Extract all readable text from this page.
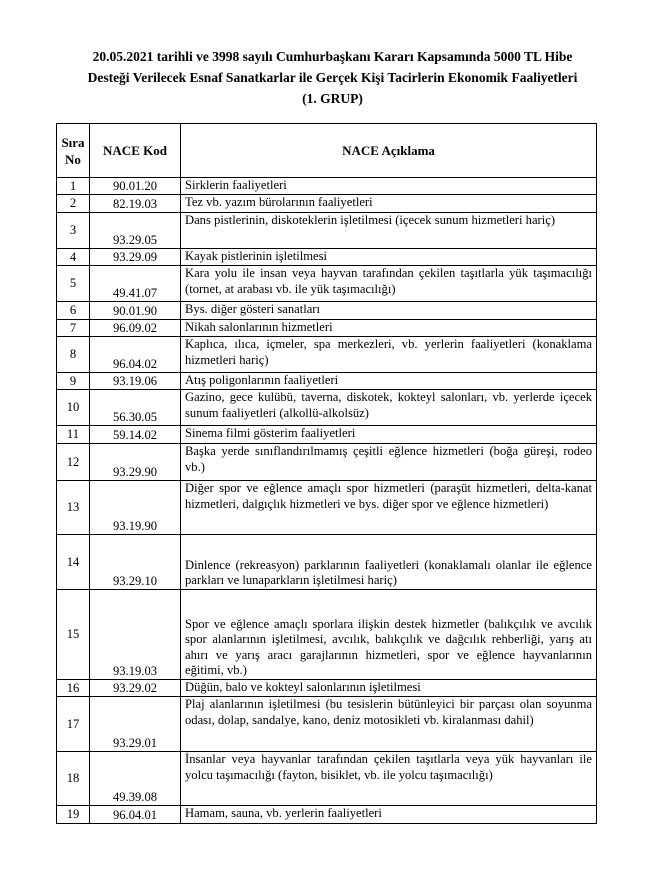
20.05.2021 tarihli ve 3998 sayılı Cumhurbaşkanı Kararı Kapsamında 5000 TL Hibe
Desteği Verilecek Esnaf Sanatkarlar ile Gerçek Kişi Tacirlerin Ekonomik Faaliyetleri
(1. GRUP)
Sıra
No	NACE Kod	NACE Açıklama
1	90.01.20	Sirklerin faaliyetleri
2	82.19.03	Tez vb. yazım bürolarının faaliyetleri
3	93.29.05	Dans pistlerinin, diskoteklerin işletilmesi (içecek sunum hizmetleri hariç)
4	93.29.09	Kayak pistlerinin işletilmesi
5	49.41.07	Kara yolu ile insan veya hayvan tarafından çekilen taşıtlarla yük taşımacılığı (tornet, at arabası vb. ile yük taşımacılığı)
6	90.01.90	Bys. diğer gösteri sanatları
7	96.09.02	Nikah salonlarının hizmetleri
8	96.04.02	Kaplıca, ılıca, içmeler, spa merkezleri, vb. yerlerin faaliyetleri (konaklama hizmetleri hariç)
9	93.19.06	Atış poligonlarının faaliyetleri
10	56.30.05	Gazino, gece kulübü, taverna, diskotek, kokteyl salonları, vb. yerlerde içecek sunum faaliyetleri (alkollü-alkolsüz)
11	59.14.02	Sinema filmi gösterim faaliyetleri
12	93.29.90	Başka yerde sınıflandırılmamış çeşitli eğlence hizmetleri (boğa güreşi, rodeo vb.)
13	93.19.90	Diğer spor ve eğlence amaçlı spor hizmetleri (paraşüt hizmetleri, delta-kanat hizmetleri, dalgıçlık hizmetleri ve bys. diğer spor ve eğlence hizmetleri)
14	93.29.10	Dinlence (rekreasyon) parklarının faaliyetleri (konaklamalı olanlar ile eğlence parkları ve lunaparkların işletilmesi hariç)
15	93.19.03	Spor ve eğlence amaçlı sporlara ilişkin destek hizmetler (balıkçılık ve avcılık spor alanlarının işletilmesi, avcılık, balıkçılık ve dağcılık rehberliği, yarış atı ahırı ve yarış aracı garajlarının hizmetleri, spor ve eğlence hayvanlarının eğitimi, vb.)
16	93.29.02	Düğün, balo ve kokteyl salonlarının işletilmesi
17	93.29.01	Plaj alanlarının işletilmesi (bu tesislerin bütünleyici bir parçası olan soyunma odası, dolap, sandalye, kano, deniz motosikleti vb. kiralanması dahil)
18	49.39.08	İnsanlar veya hayvanlar tarafından çekilen taşıtlarla veya yük hayvanları ile yolcu taşımacılığı (fayton, bisiklet, vb. ile yolcu taşımacılığı)
19	96.04.01	Hamam, sauna, vb. yerlerin faaliyetleri
